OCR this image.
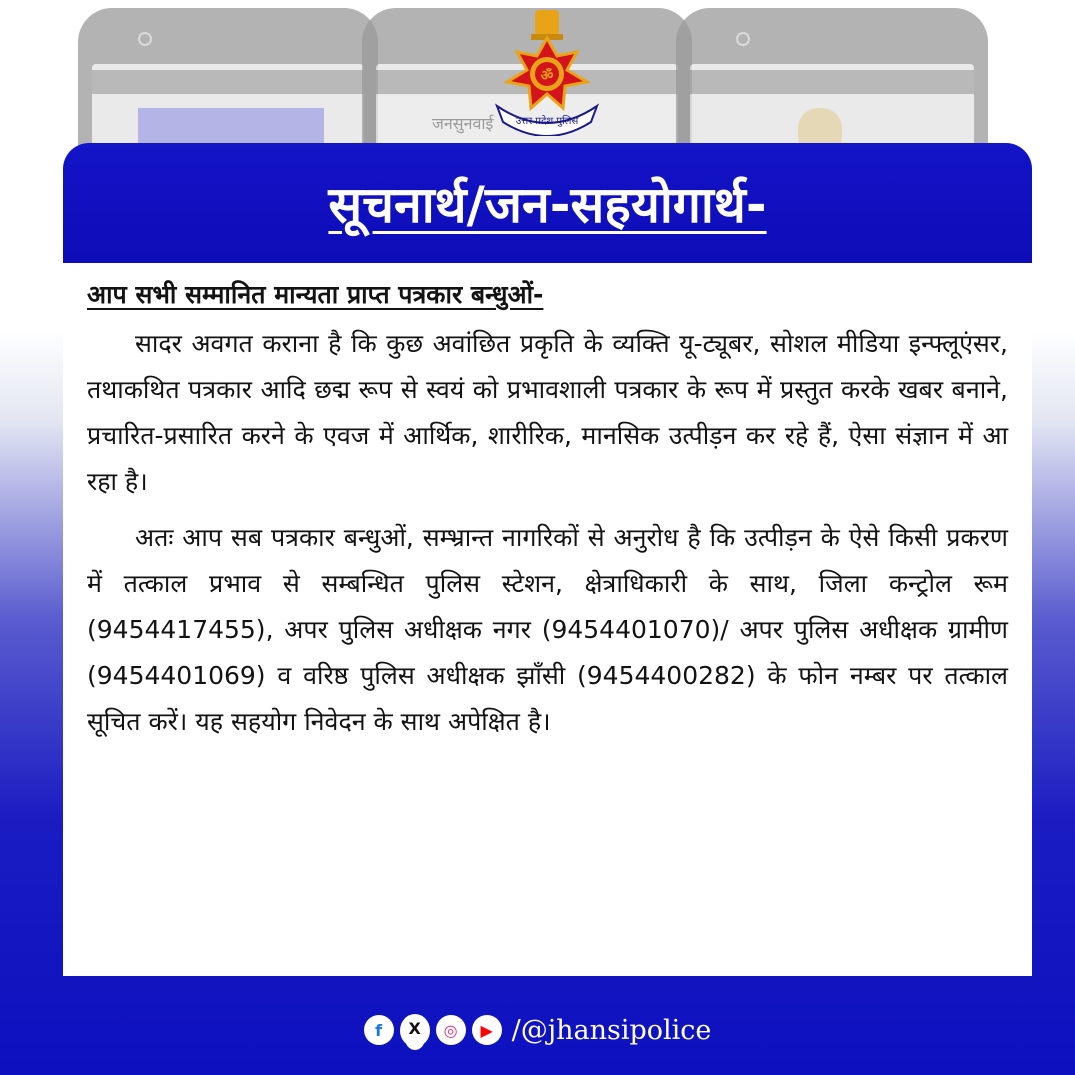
जनसुनवाई
ॐ
उत्तर प्रदेश पुलिस
सूचनार्थ/जन-सहयोगार्थ-

आप सभी सम्मानित मान्यता प्राप्त पत्रकार बन्धुओं-

सादर अवगत कराना है कि कुछ अवांछित प्रकृति के व्यक्ति यू-ट्यूबर, सोशल मीडिया इन्फ्लूएंसर, तथाकथित पत्रकार आदि छद्म रूप से स्वयं को प्रभावशाली पत्रकार के रूप में प्रस्तुत करके खबर बनाने, प्रचारित-प्रसारित करने के एवज में आर्थिक, शारीरिक, मानसिक उत्पीड़न कर रहे हैं, ऐसा संज्ञान में आ रहा है।

अतः आप सब पत्रकार बन्धुओं, सम्भ्रान्त नागरिकों से अनुरोध है कि उत्पीड़न के ऐसे किसी प्रकरण में तत्काल प्रभाव से सम्बन्धित पुलिस स्टेशन, क्षेत्राधिकारी के साथ, जिला कन्ट्रोल रूम (9454417455), अपर पुलिस अधीक्षक नगर (9454401070)/ अपर पुलिस अधीक्षक ग्रामीण (9454401069) व वरिष्ठ पुलिस अधीक्षक झाँसी (9454400282) के फोन नम्बर पर तत्काल सूचित करें। यह सहयोग निवेदन के साथ अपेक्षित है।

f	X	◎	▶ /@jhansipolice
